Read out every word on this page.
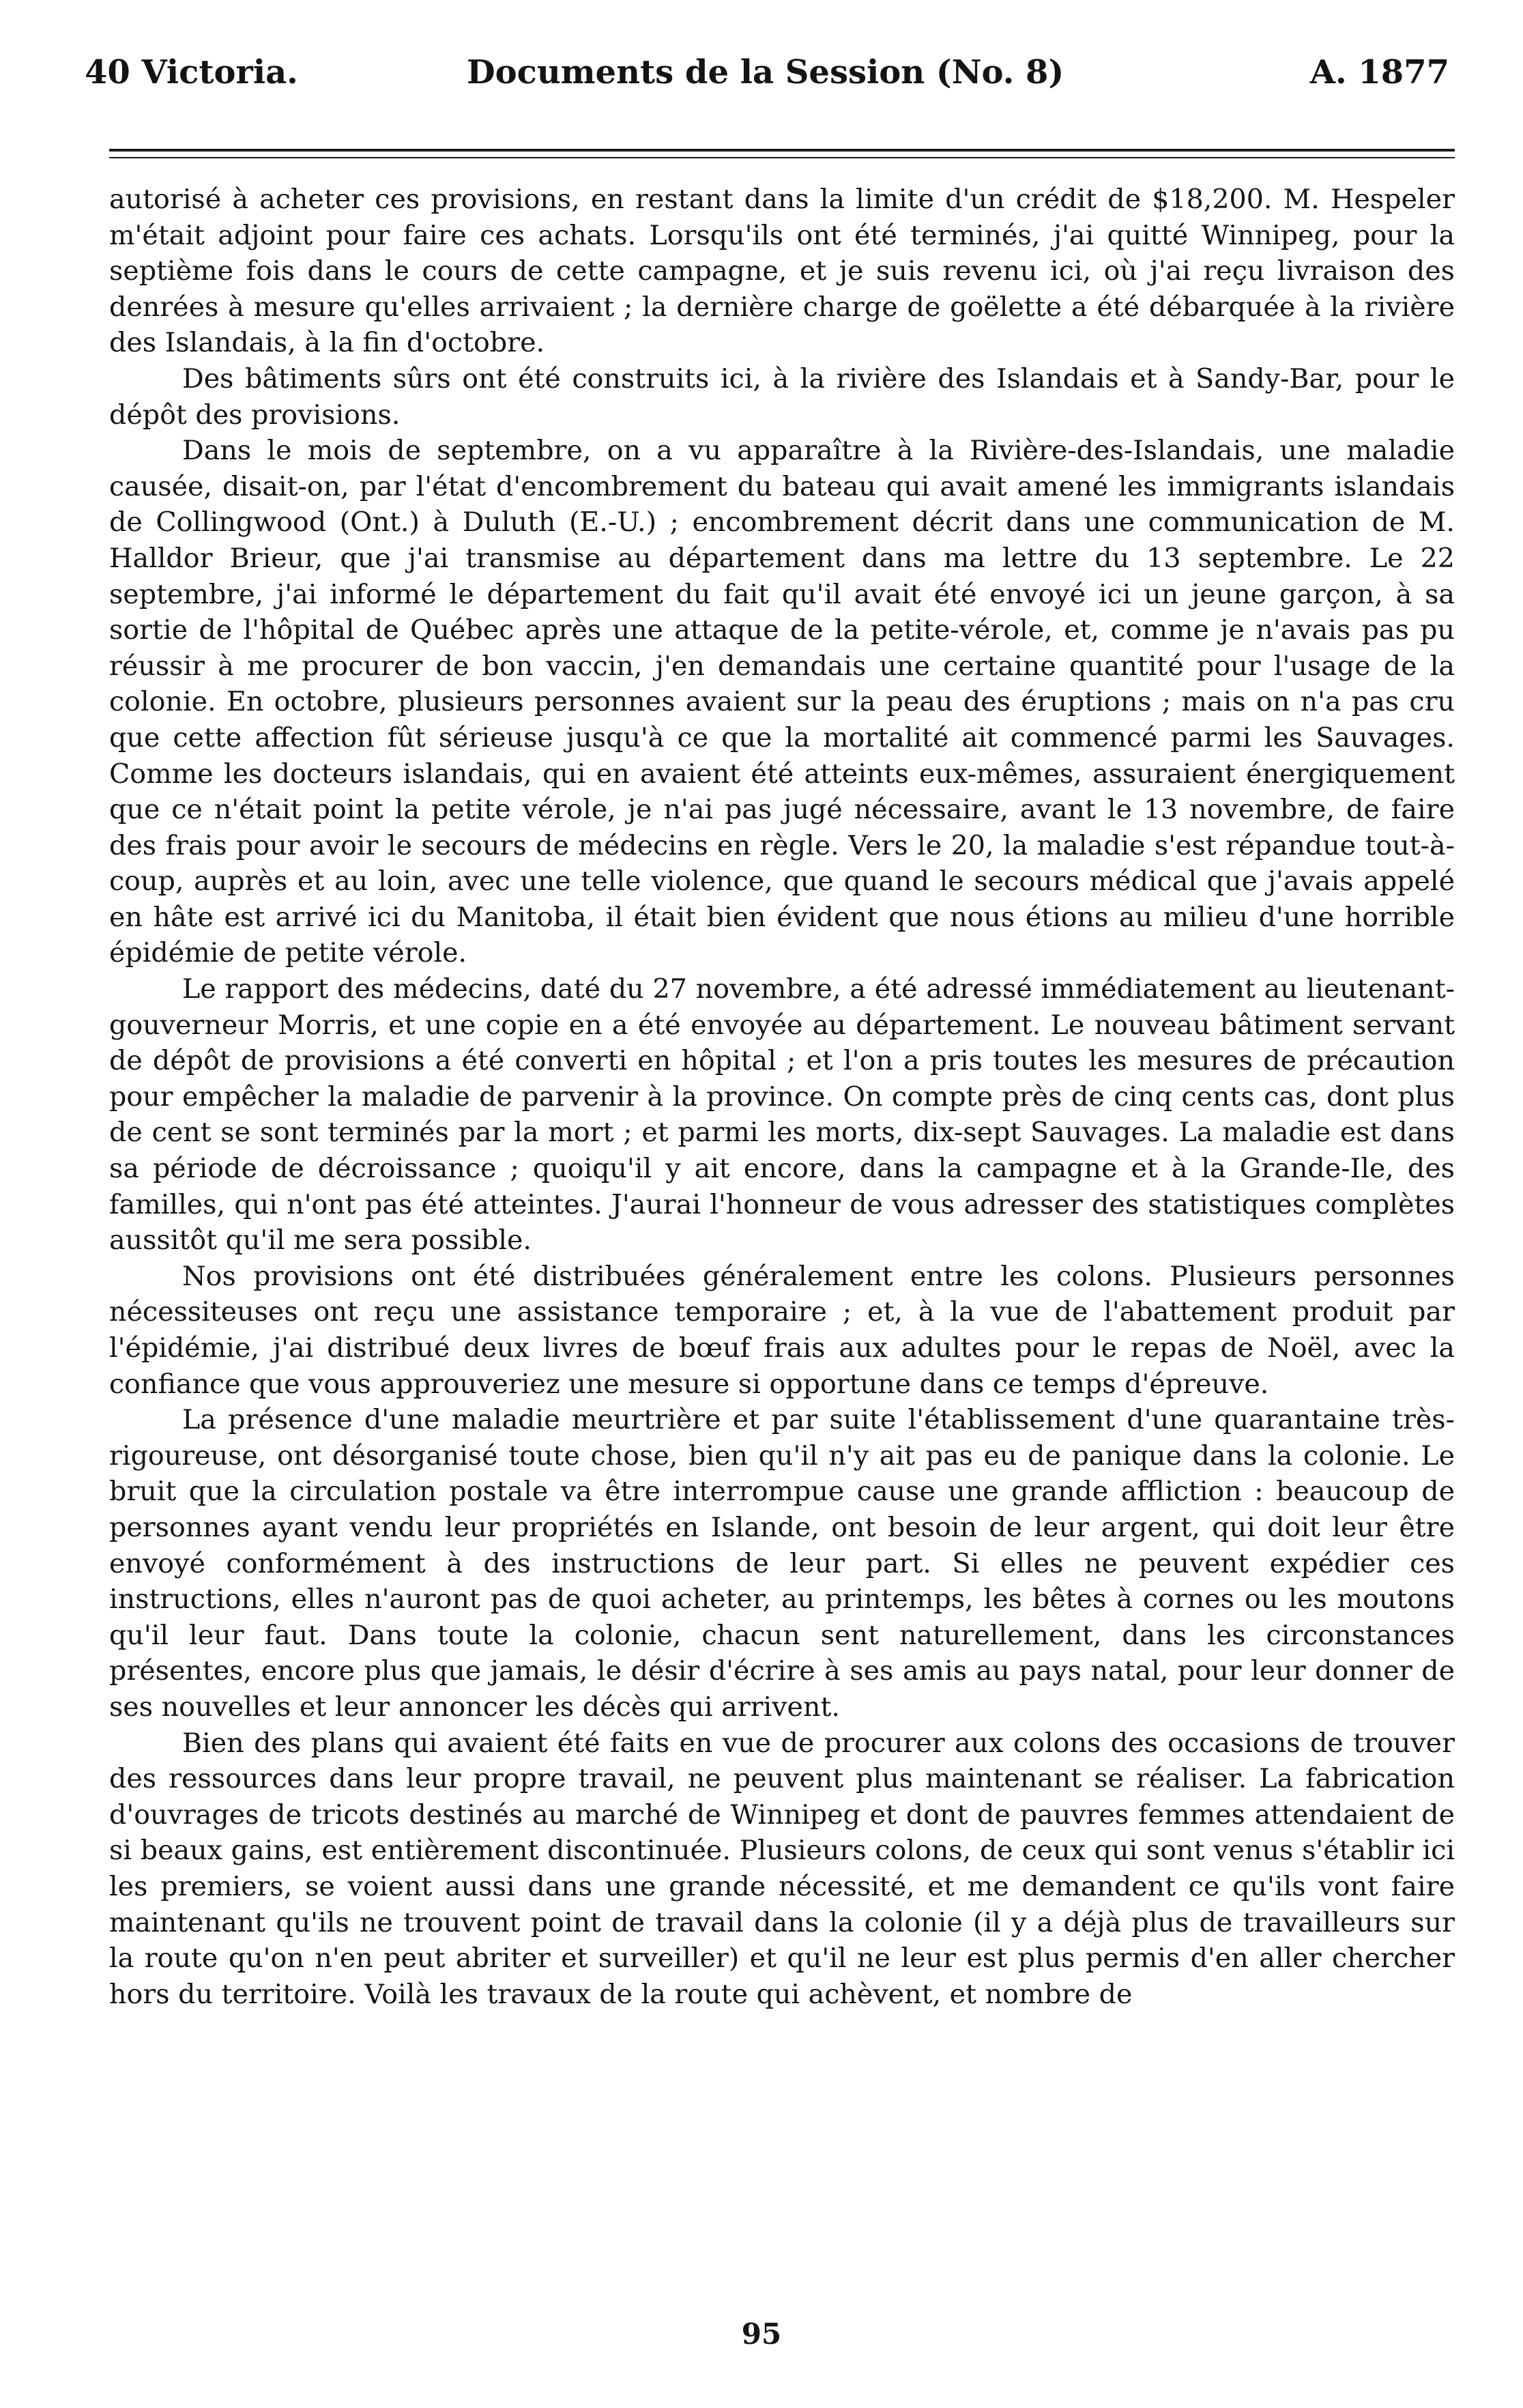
40 Victoria.	Documents de la Session (No. 8)	A. 1877

autorisé à acheter ces provisions, en restant dans la limite d'un crédit de $18,200. M. Hespeler m'était adjoint pour faire ces achats. Lorsqu'ils ont été terminés, j'ai quitté Winnipeg, pour la septième fois dans le cours de cette campagne, et je suis revenu ici, où j'ai reçu livraison des denrées à mesure qu'elles arrivaient ; la dernière charge de goëlette a été débarquée à la rivière des Islandais, à la fin d'octobre.

Des bâtiments sûrs ont été construits ici, à la rivière des Islandais et à Sandy-Bar, pour le dépôt des provisions.

Dans le mois de septembre, on a vu apparaître à la Rivière-des-Islandais, une maladie causée, disait-on, par l'état d'encombrement du bateau qui avait amené les immigrants islandais de Collingwood (Ont.) à Duluth (E.-U.) ; encombrement décrit dans une communication de M. Halldor Brieur, que j'ai transmise au département dans ma lettre du 13 septembre. Le 22 septembre, j'ai informé le département du fait qu'il avait été envoyé ici un jeune garçon, à sa sortie de l'hôpital de Québec après une attaque de la petite-vérole, et, comme je n'avais pas pu réussir à me procurer de bon vaccin, j'en demandais une certaine quantité pour l'usage de la colonie. En octobre, plusieurs personnes avaient sur la peau des éruptions ; mais on n'a pas cru que cette affection fût sérieuse jusqu'à ce que la mortalité ait commencé parmi les Sauvages. Comme les docteurs islandais, qui en avaient été atteints eux-mêmes, assuraient énergiquement que ce n'était point la petite vérole, je n'ai pas jugé nécessaire, avant le 13 novembre, de faire des frais pour avoir le secours de médecins en règle. Vers le 20, la maladie s'est répandue tout-à-coup, auprès et au loin, avec une telle violence, que quand le secours médical que j'avais appelé en hâte est arrivé ici du Manitoba, il était bien évident que nous étions au milieu d'une horrible épidémie de petite vérole.

Le rapport des médecins, daté du 27 novembre, a été adressé immédiatement au lieutenant-gouverneur Morris, et une copie en a été envoyée au département. Le nouveau bâtiment servant de dépôt de provisions a été converti en hôpital ; et l'on a pris toutes les mesures de précaution pour empêcher la maladie de parvenir à la province. On compte près de cinq cents cas, dont plus de cent se sont terminés par la mort ; et parmi les morts, dix-sept Sauvages. La maladie est dans sa période de décroissance ; quoiqu'il y ait encore, dans la campagne et à la Grande-Ile, des familles, qui n'ont pas été atteintes. J'aurai l'honneur de vous adresser des statistiques complètes aussitôt qu'il me sera possible.

Nos provisions ont été distribuées généralement entre les colons. Plusieurs personnes nécessiteuses ont reçu une assistance temporaire ; et, à la vue de l'abattement produit par l'épidémie, j'ai distribué deux livres de bœuf frais aux adultes pour le repas de Noël, avec la confiance que vous approuveriez une mesure si opportune dans ce temps d'épreuve.

La présence d'une maladie meurtrière et par suite l'établissement d'une quarantaine très-rigoureuse, ont désorganisé toute chose, bien qu'il n'y ait pas eu de panique dans la colonie. Le bruit que la circulation postale va être interrompue cause une grande affliction : beaucoup de personnes ayant vendu leur propriétés en Islande, ont besoin de leur argent, qui doit leur être envoyé conformément à des instructions de leur part. Si elles ne peuvent expédier ces instructions, elles n'auront pas de quoi acheter, au printemps, les bêtes à cornes ou les moutons qu'il leur faut. Dans toute la colonie, chacun sent naturellement, dans les circonstances présentes, encore plus que jamais, le désir d'écrire à ses amis au pays natal, pour leur donner de ses nouvelles et leur annoncer les décès qui arrivent.

Bien des plans qui avaient été faits en vue de procurer aux colons des occasions de trouver des ressources dans leur propre travail, ne peuvent plus maintenant se réaliser. La fabrication d'ouvrages de tricots destinés au marché de Winnipeg et dont de pauvres femmes attendaient de si beaux gains, est entièrement discontinuée. Plusieurs colons, de ceux qui sont venus s'établir ici les premiers, se voient aussi dans une grande nécessité, et me demandent ce qu'ils vont faire maintenant qu'ils ne trouvent point de travail dans la colonie (il y a déjà plus de travailleurs sur la route qu'on n'en peut abriter et surveiller) et qu'il ne leur est plus permis d'en aller chercher hors du territoire. Voilà les travaux de la route qui achèvent, et nombre de

95
